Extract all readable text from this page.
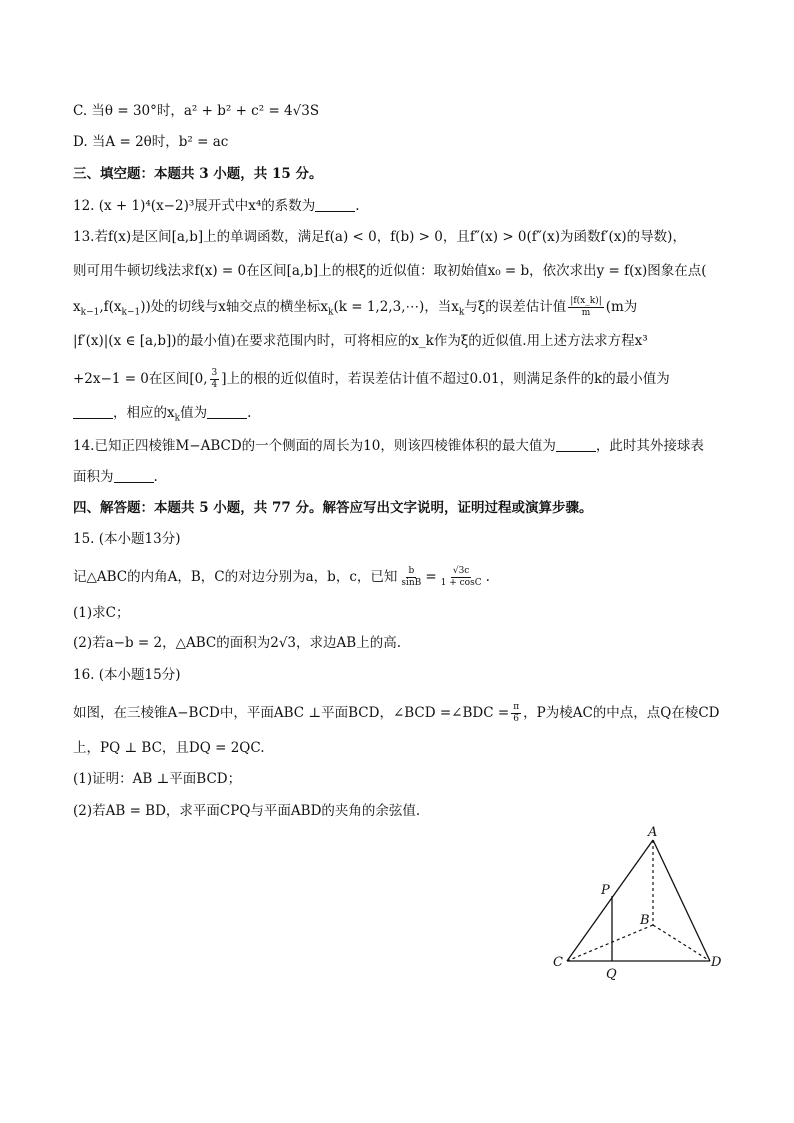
C. 当θ = 30°时，a² + b² + c² = 4√3S
D. 当A = 2θ时，b² = ac
三、填空题：本题共 3 小题，共 15 分。
12. (x + 1)⁴(x−2)³展开式中x⁴的系数为	.
13.若f(x)是区间[a,b]上的单调函数，满足f(a) < 0，f(b) > 0，且f″(x) > 0(f″(x)为函数f′(x)的导数)，
则可用牛顿切线法求f(x) = 0在区间[a,b]上的根ξ的近似值：取初始值x₀ = b，依次求出y = f(x)图象在点(
$x_{k-1},f(x_{k-1})$)处的切线与x轴交点的横坐标$x_k(k$ = 1,2,3,⋯)，当$x_k$与ξ的误差估计值 $\frac{|f(x\_k)|}{m} (m$为
|f′(x)|(x ∈ [a,b])的最小值)在要求范围内时，可将相应的x_k作为ξ的近似值.用上述方法求方程x³
+2x−1 = 0在区间[0, $\frac{3}{4}$ ]上的根的近似值时，若误差估计值不超过0.01，则满足条件的k的最小值为
，相应的$x_k$值为	.
14.已知正四棱锥M−ABCD的一个侧面的周长为10，则该四棱锥体积的最大值为	，此时其外接球表
面积为	.
四、解答题：本题共 5 小题，共 77 分。解答应写出文字说明，证明过程或演算步骤。
15. (本小题13分)
记△ABC的内角A，B，C的对边分别为a，b，c，已知 $\frac{b}{\sin B} = \frac{√3c}{1 + \cos C}$ .
(1)求C；
(2)若a−b = 2，△ABC的面积为2√3，求边AB上的高.
16. (本小题15分)
如图，在三棱锥A−BCD中，平面ABC ⊥平面BCD，∠BCD =∠BDC = $\frac{\pi}{6}$ ，P为棱AC的中点，点Q在棱CD
上，PQ ⊥ BC，且DQ = 2QC.
(1)证明：AB ⊥平面BCD；
(2)若AB = BD，求平面CPQ与平面ABD的夹角的余弦值.
A
B
C	D
P
Q
